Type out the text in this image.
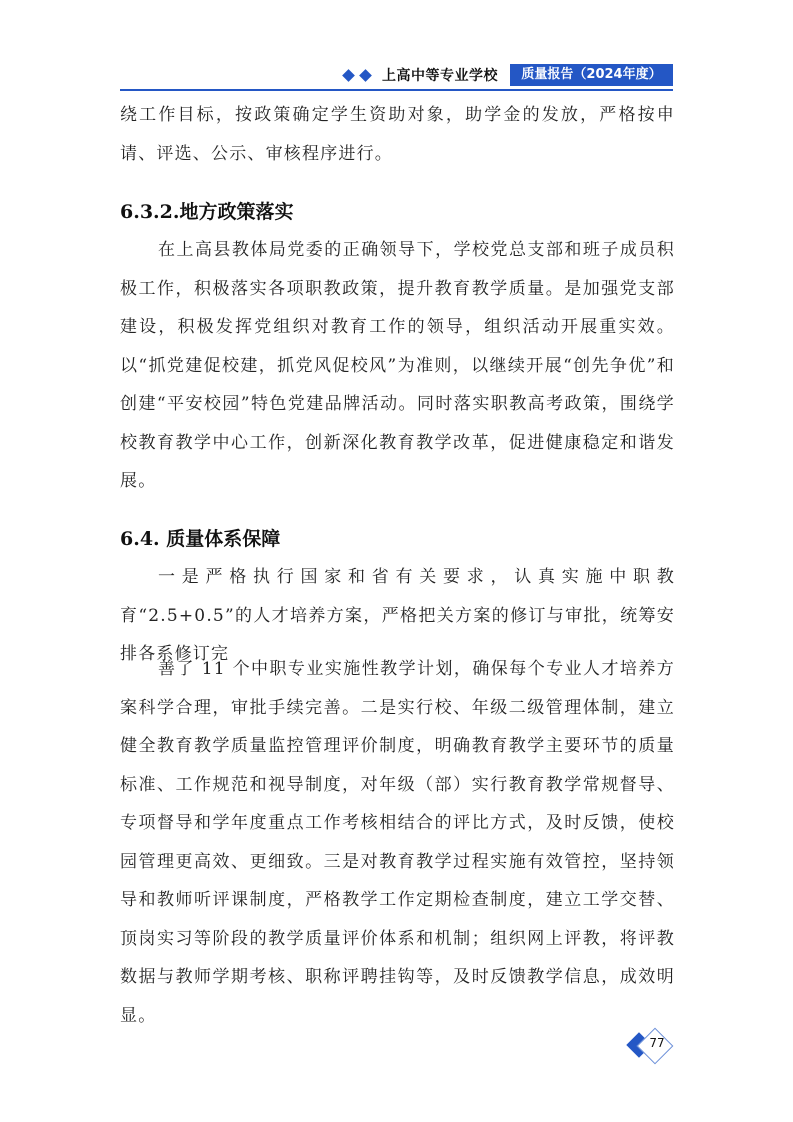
上高中等专业学校	质量报告（2024年度）

绕工作目标，按政策确定学生资助对象，助学金的发放，严格按申请、评选、公示、审核程序进行。

6.3.2.地方政策落实

在上高县教体局党委的正确领导下，学校党总支部和班子成员积极工作，积极落实各项职教政策，提升教育教学质量。是加强党支部建设，积极发挥党组织对教育工作的领导，组织活动开展重实效。以“抓党建促校建，抓党风促校风”为准则，以继续开展“创先争优”和创建“平安校园”特色党建品牌活动。同时落实职教高考政策，围绕学校教育教学中心工作，创新深化教育教学改革，促进健康稳定和谐发展。

6.4. 质量体系保障

一是严格执行国家和省有关要求，认真实施中职教育“2.5+0.5”的人才培养方案，严格把关方案的修订与审批，统筹安排各系修订完

善了 11 个中职专业实施性教学计划，确保每个专业人才培养方案科学合理，审批手续完善。二是实行校、年级二级管理体制，建立健全教育教学质量监控管理评价制度，明确教育教学主要环节的质量标准、工作规范和视导制度，对年级（部）实行教育教学常规督导、专项督导和学年度重点工作考核相结合的评比方式，及时反馈，使校园管理更高效、更细致。三是对教育教学过程实施有效管控，坚持领导和教师听评课制度，严格教学工作定期检查制度，建立工学交替、顶岗实习等阶段的教学质量评价体系和机制；组织网上评教，将评教数据与教师学期考核、职称评聘挂钩等，及时反馈教学信息，成效明显。

77
